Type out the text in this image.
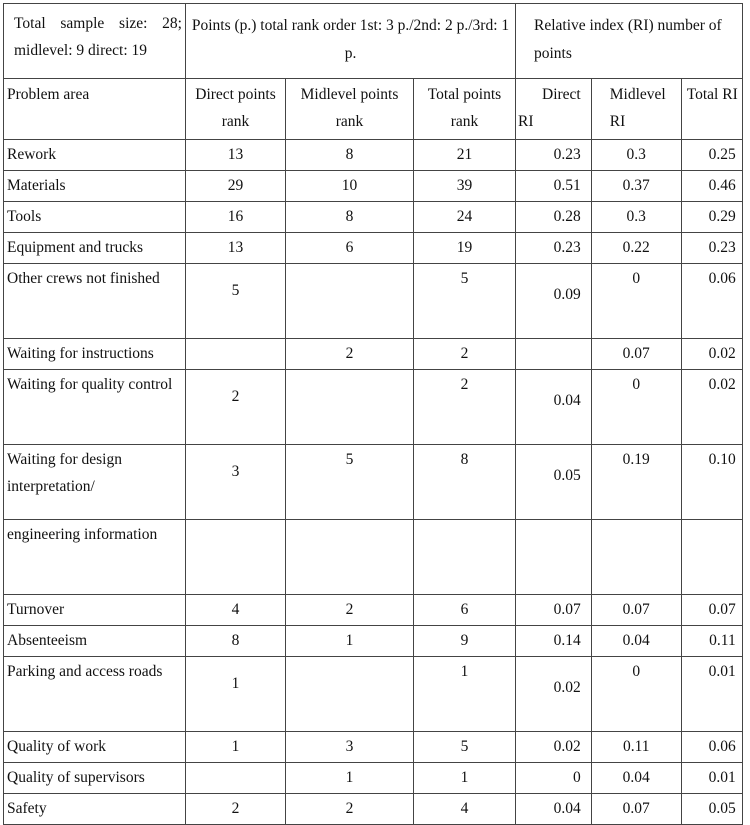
Total sample size: 28; midlevel: 9 direct: 19	Points (p.) total rank order 1st: 3 p./2nd: 2 p./3rd: 1 p.			Relative index (RI) number of points		
Problem area	Direct points rank	Midlevel points rank	Total points rank	Direct RI	Midlevel RI	Total RI
Rework	13	8	21	0.23	0.3	0.25
Materials	29	10	39	0.51	0.37	0.46
Tools	16	8	24	0.28	0.3	0.29
Equipment and trucks	13	6	19	0.23	0.22	0.23
Other crews not finished	5		5	0.09	0	0.06
Waiting for instructions		2	2		0.07	0.02
Waiting for quality control	2		2	0.04	0	0.02
Waiting for design interpretation/	3	5	8	0.05	0.19	0.10
engineering information						
Turnover	4	2	6	0.07	0.07	0.07
Absenteeism	8	1	9	0.14	0.04	0.11
Parking and access roads	1		1	0.02	0	0.01
Quality of work	1	3	5	0.02	0.11	0.06
Quality of supervisors		1	1	0	0.04	0.01
Safety	2	2	4	0.04	0.07	0.05
